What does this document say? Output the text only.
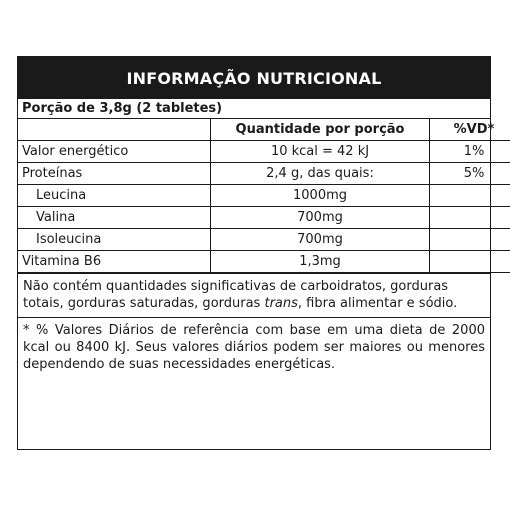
INFORMAÇÃO NUTRICIONAL
Porção de 3,8g (2 tabletes)
	Quantidade por porção	%VD*
Valor energético	10 kcal = 42 kJ	1%
Proteínas	2,4 g, das quais:	5%
Leucina	1000mg	
Valina	700mg	
Isoleucina	700mg	
Vitamina B6	1,3mg	
Não contém quantidades significativas de carboidratos, gorduras totais, gorduras saturadas, gorduras trans, fibra alimentar e sódio.
* % Valores Diários de referência com base em uma dieta de 2000 kcal ou 8400 kJ. Seus valores diários podem ser maiores ou menores dependendo de suas necessidades energéticas.
